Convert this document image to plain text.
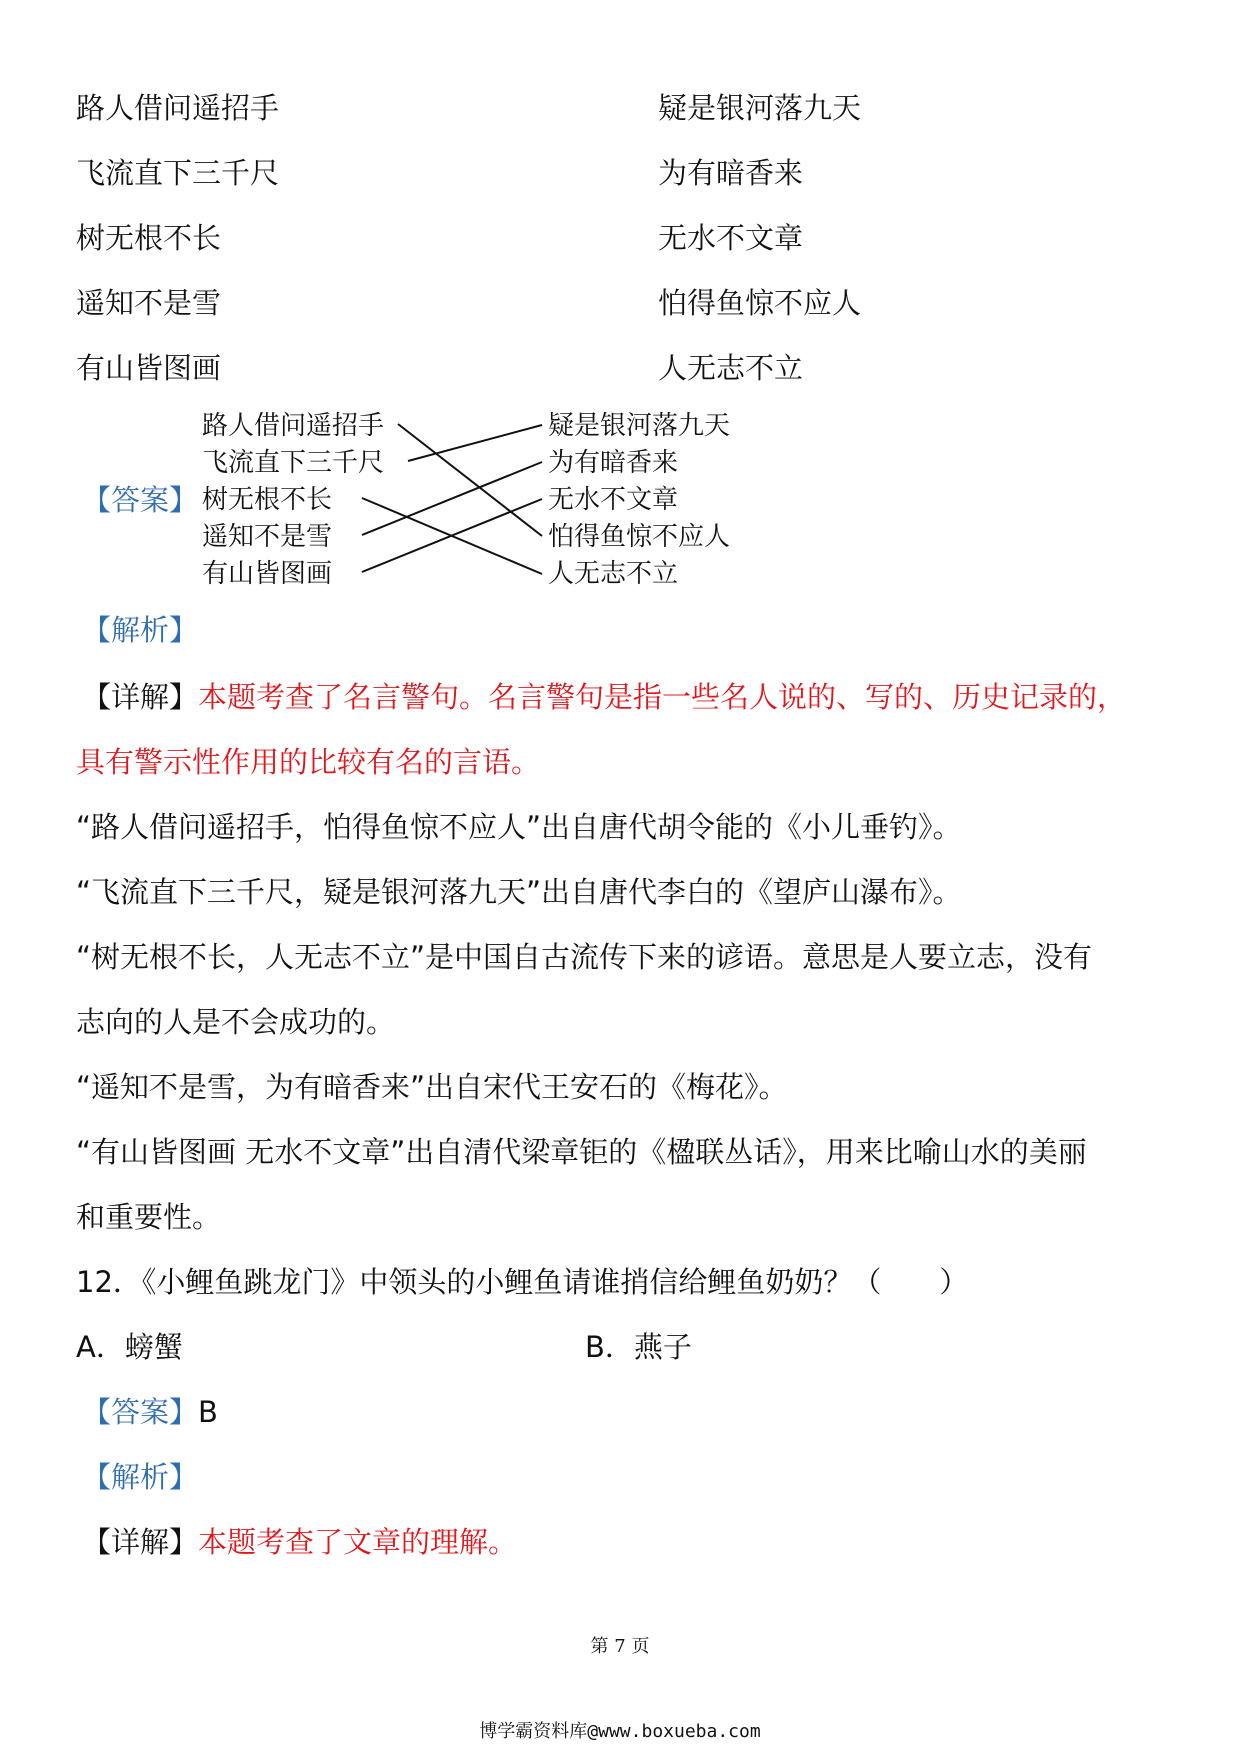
路人借问遥招手	疑是银河落九天
飞流直下三千尺	为有暗香来
树无根不长	无水不文章
遥知不是雪	怕得鱼惊不应人
有山皆图画	人无志不立
【答案】
路人借问遥招手
飞流直下三千尺
树无根不长
遥知不是雪
有山皆图画
疑是银河落九天
为有暗香来
无水不文章
怕得鱼惊不应人
人无志不立
【解析】
【详解】本题考查了名言警句。名言警句是指一些名人说的、写的、历史记录的，
具有警示性作用的比较有名的言语。
“路人借问遥招手，怕得鱼惊不应人”出自唐代胡令能的《小儿垂钓》。
“飞流直下三千尺，疑是银河落九天”出自唐代李白的《望庐山瀑布》。
“树无根不长，人无志不立”是中国自古流传下来的谚语。意思是人要立志，没有
志向的人是不会成功的。
“遥知不是雪，为有暗香来”出自宋代王安石的《梅花》。
“有山皆图画 无水不文章”出自清代梁章钜的《楹联丛话》，用来比喻山水的美丽
和重要性。
12．《小鲤鱼跳龙门》中领头的小鲤鱼请谁捎信给鲤鱼奶奶？（　　）
A．螃蟹	B．燕子
【答案】B
【解析】
【详解】本题考查了文章的理解。
第 7 页
博学霸资料库@www.boxueba.com
